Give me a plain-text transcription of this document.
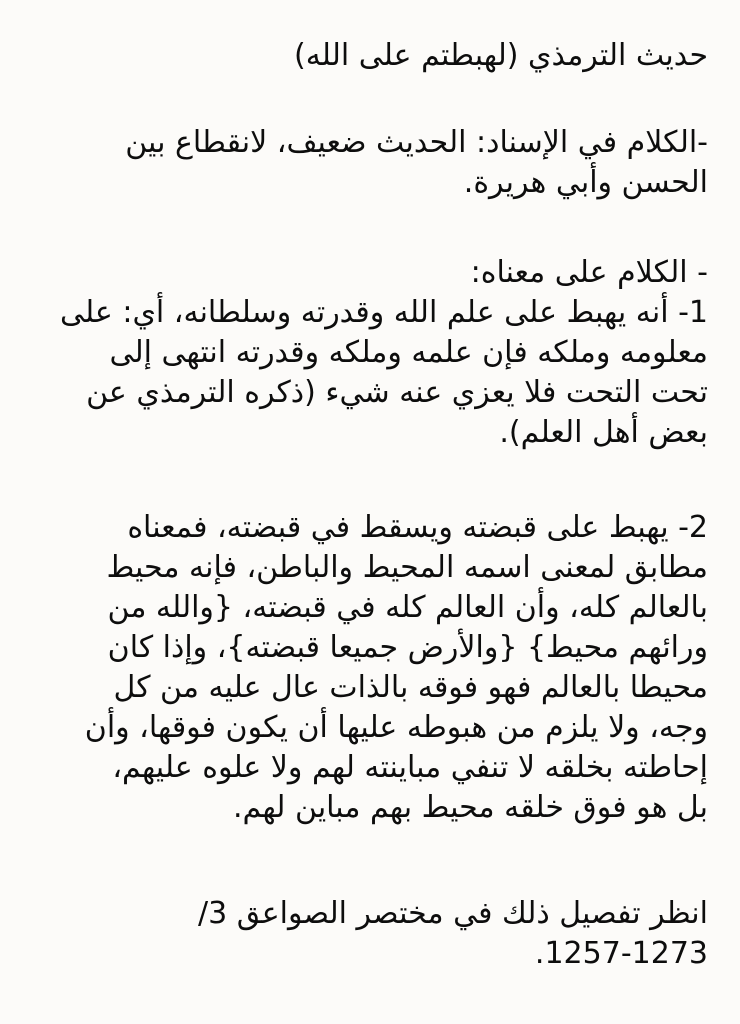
حديث الترمذي (لهبطتم على الله)
-الكلام في الإسناد: الحديث ضعيف، لانقطاع بين
الحسن وأبي هريرة.
- الكلام على معناه:
1- أنه يهبط على علم الله وقدرته وسلطانه، أي: على
معلومه وملكه فإن علمه وملكه وقدرته انتهى إلى
تحت التحت فلا يعزي عنه شيء (ذكره الترمذي عن
بعض أهل العلم).
2- يهبط على قبضته ويسقط في قبضته، فمعناه
مطابق لمعنى اسمه المحيط والباطن، فإنه محيط
بالعالم كله، وأن العالم كله في قبضته، {والله من
ورائهم محيط} {والأرض جميعا قبضته}، وإذا كان
محيطا بالعالم فهو فوقه بالذات عال عليه من كل
وجه، ولا يلزم من هبوطه عليها أن يكون فوقها، وأن
إحاطته بخلقه لا تنفي مباينته لهم ولا علوه عليهم،
بل هو فوق خلقه محيط بهم مباين لهم.
انظر تفصيل ذلك في مختصر الصواعق 3/
1257-1273.
